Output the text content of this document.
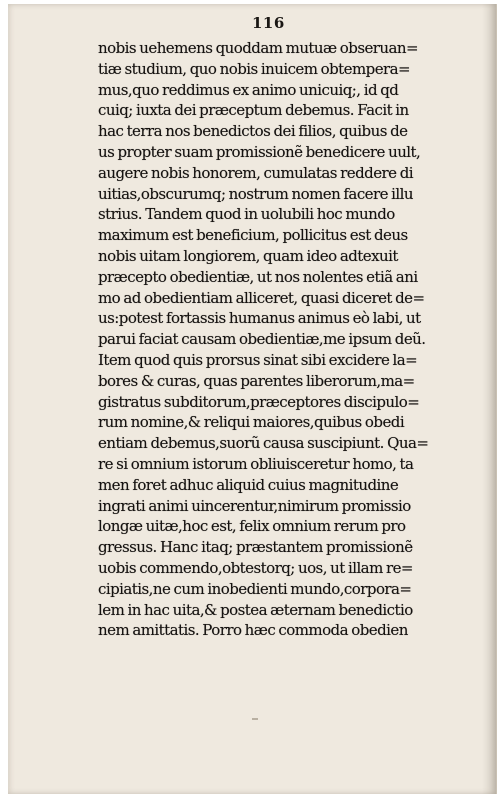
116
nobis uehemens quoddam mutuæ obseruan=
tiæ studium, quo nobis inuicem obtempera=
mus,quo reddimus ex animo unicuiq;, id qd
cuiq; iuxta dei præceptum debemus. Facit in
hac terra nos benedictos dei filios, quibus de
us propter suam promissionẽ benedicere uult,
augere nobis honorem, cumulatas reddere di
uitias,obscurumq; nostrum nomen facere illu
strius. Tandem quod in uolubili hoc mundo
maximum est beneficium, pollicitus est deus
nobis uitam longiorem, quam ideo adtexuit
præcepto obedientiæ, ut nos nolentes etiã ani
mo ad obedientiam alliceret, quasi diceret de=
us:potest fortassis humanus animus eò labi, ut
parui faciat causam obedientiæ,me ipsum deũ.
Item quod quis prorsus sinat sibi excidere la=
bores & curas, quas parentes liberorum,ma=
gistratus subditorum,præceptores discipulo=
rum nomine,& reliqui maiores,quibus obedi
entiam debemus,suorũ causa suscipiunt. Qua=
re si omnium istorum obliuisceretur homo, ta
men foret adhuc aliquid cuius magnitudine
ingrati animi uincerentur,nimirum promissio
longæ uitæ,hoc est, felix omnium rerum pro
gressus. Hanc itaq; præstantem promissionẽ
uobis commendo,obtestorq; uos, ut illam re=
cipiatis,ne cum inobedienti mundo,corpora=
lem in hac uita,& postea æternam benedictio
nem amittatis. Porro hæc commoda obedien
